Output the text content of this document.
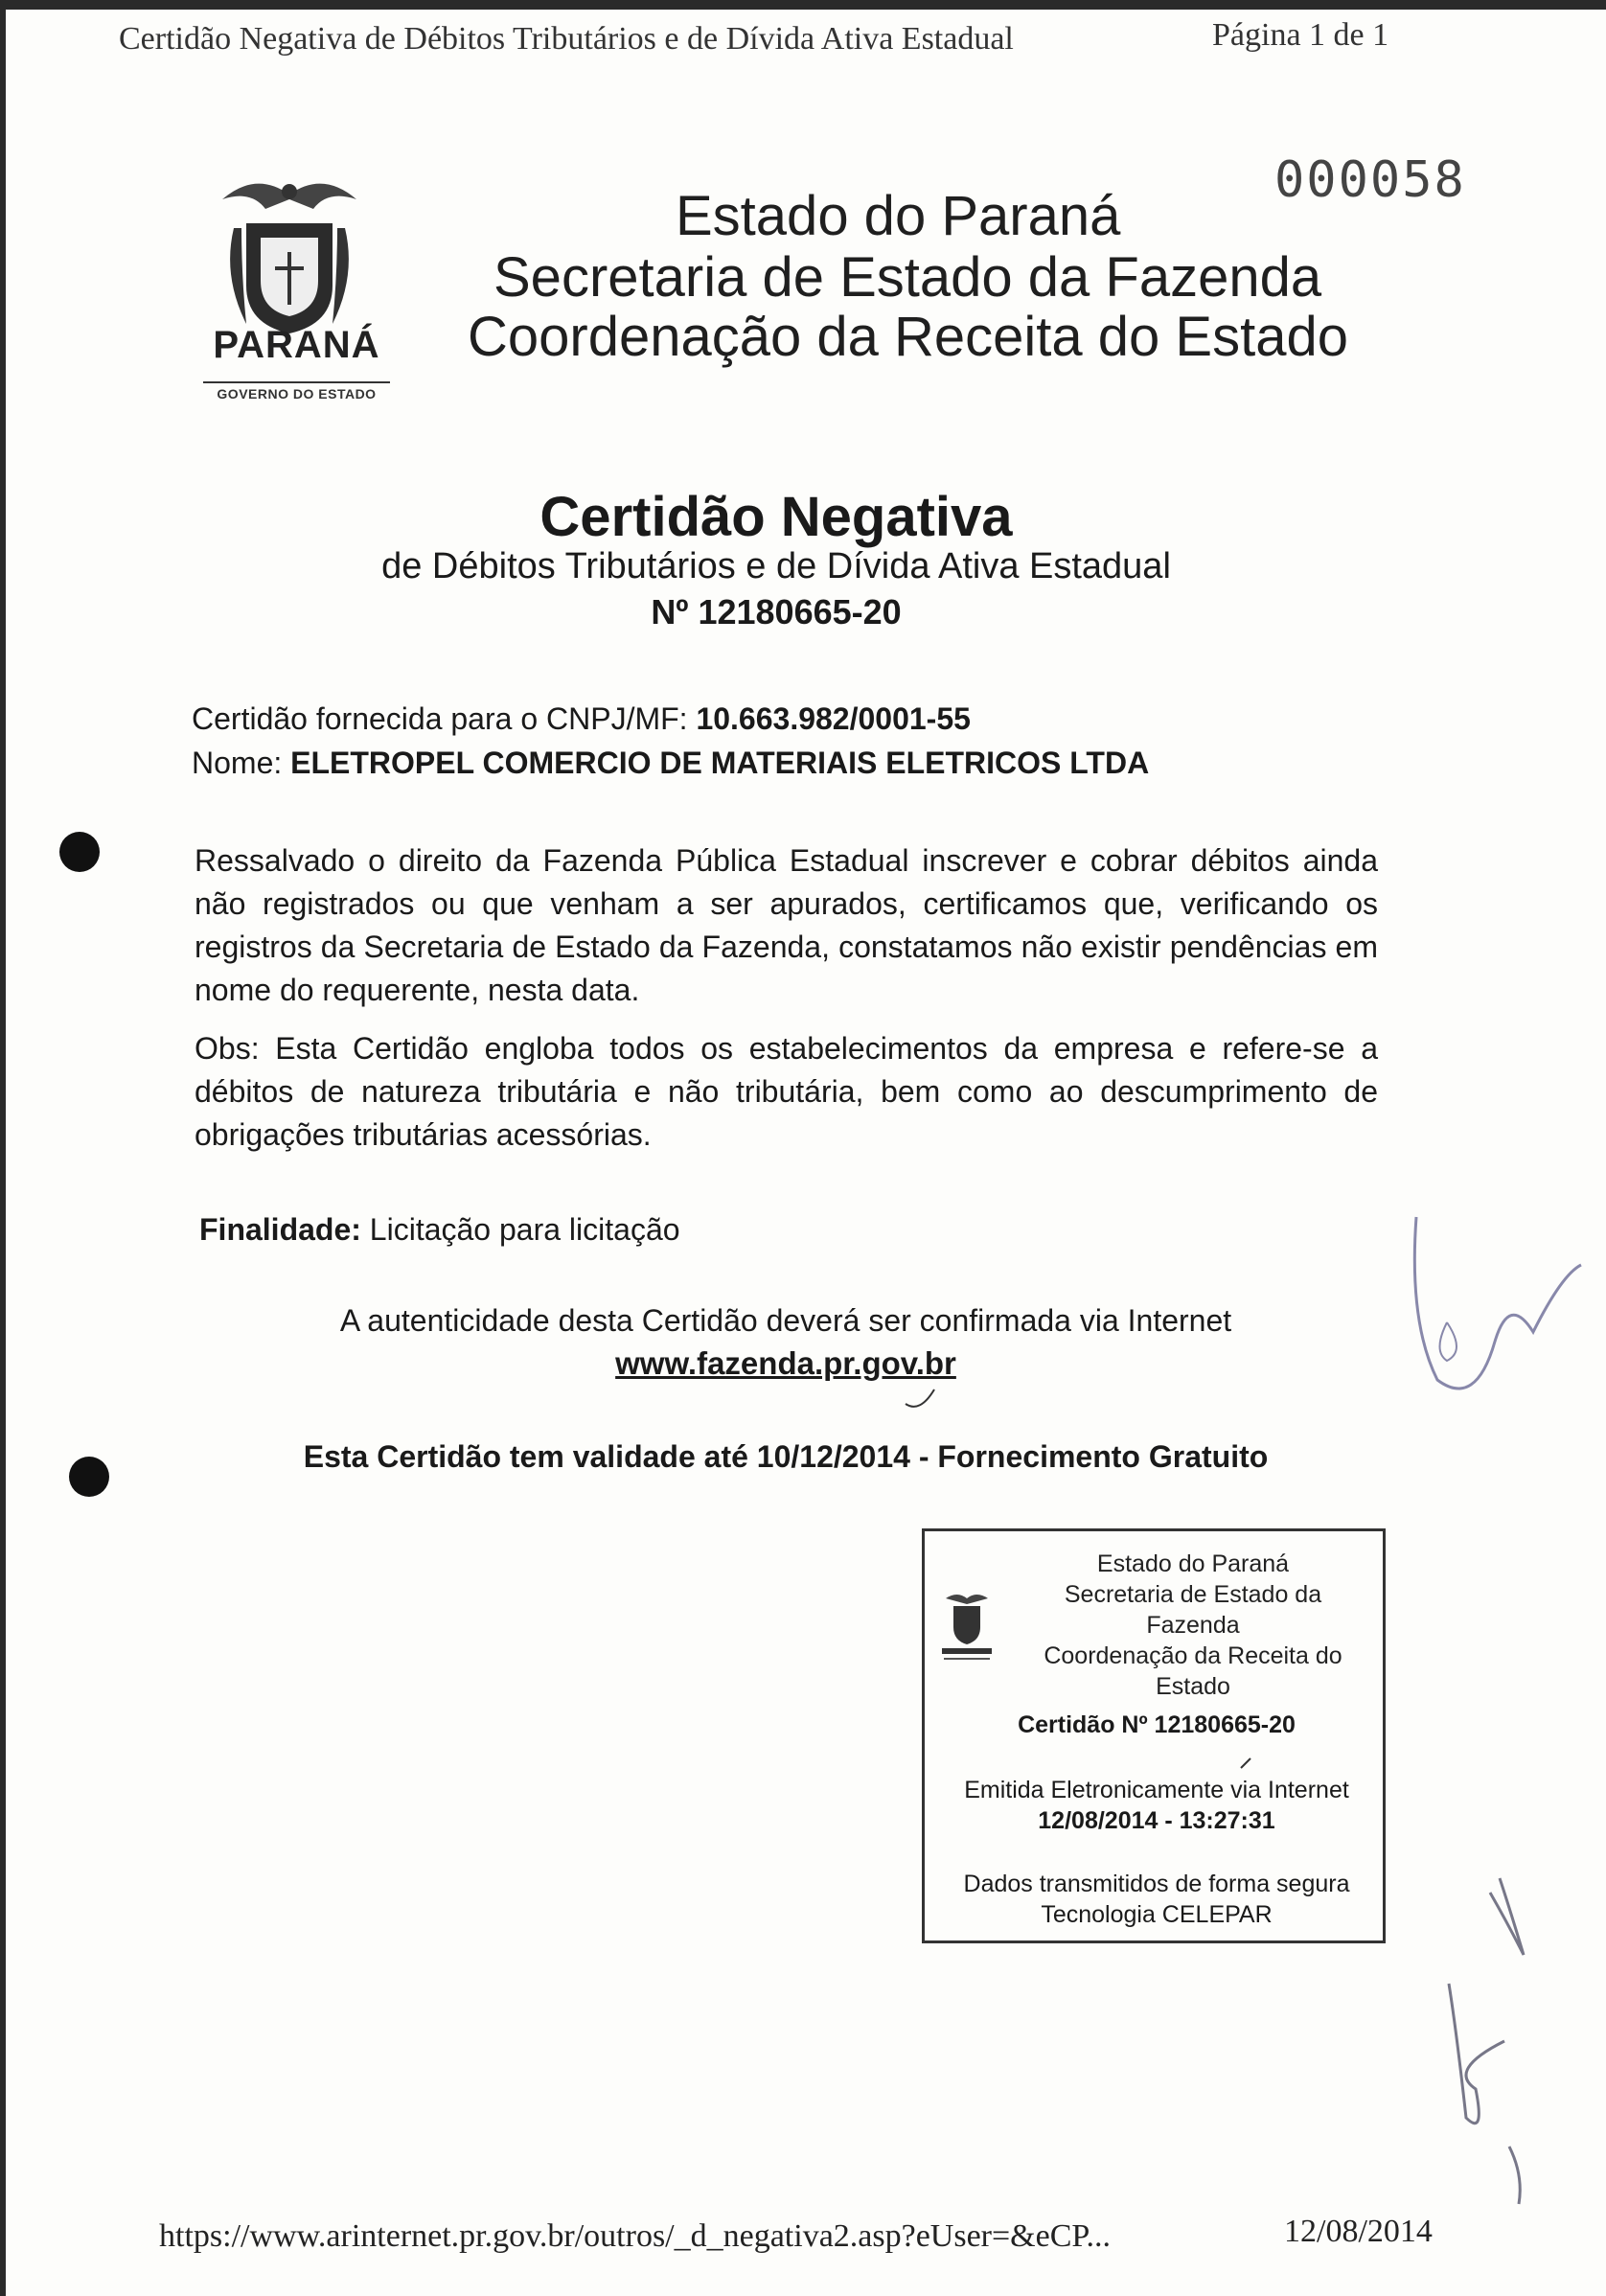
Certidão Negativa de Débitos Tributários e de Dívida Ativa Estadual	Página 1 de 1
000058
PARANÁ
GOVERNO DO ESTADO
Estado do Paraná
Secretaria de Estado da Fazenda
Coordenação da Receita do Estado
Certidão Negativa
de Débitos Tributários e de Dívida Ativa Estadual
Nº 12180665-20
Certidão fornecida para o CNPJ/MF: 10.663.982/0001-55
Nome: ELETROPEL COMERCIO DE MATERIAIS ELETRICOS LTDA
Ressalvado o direito da Fazenda Pública Estadual inscrever e cobrar débitos ainda não registrados ou que venham a ser apurados, certificamos que, verificando os registros da Secretaria de Estado da Fazenda, constatamos não existir pendências em nome do requerente, nesta data.
Obs: Esta Certidão engloba todos os estabelecimentos da empresa e refere-se a débitos de natureza tributária e não tributária, bem como ao descumprimento de obrigações tributárias acessórias.
Finalidade: Licitação para licitação
A autenticidade desta Certidão deverá ser confirmada via Internet
www.fazenda.pr.gov.br
Esta Certidão tem validade até 10/12/2014 - Fornecimento Gratuito
Estado do Paraná
Secretaria de Estado da
Fazenda
Coordenação da Receita do
Estado
Certidão Nº 12180665-20
Emitida Eletronicamente via Internet
12/08/2014 - 13:27:31
Dados transmitidos de forma segura
Tecnologia CELEPAR
https://www.arinternet.pr.gov.br/outros/_d_negativa2.asp?eUser=&eCP...	12/08/2014
